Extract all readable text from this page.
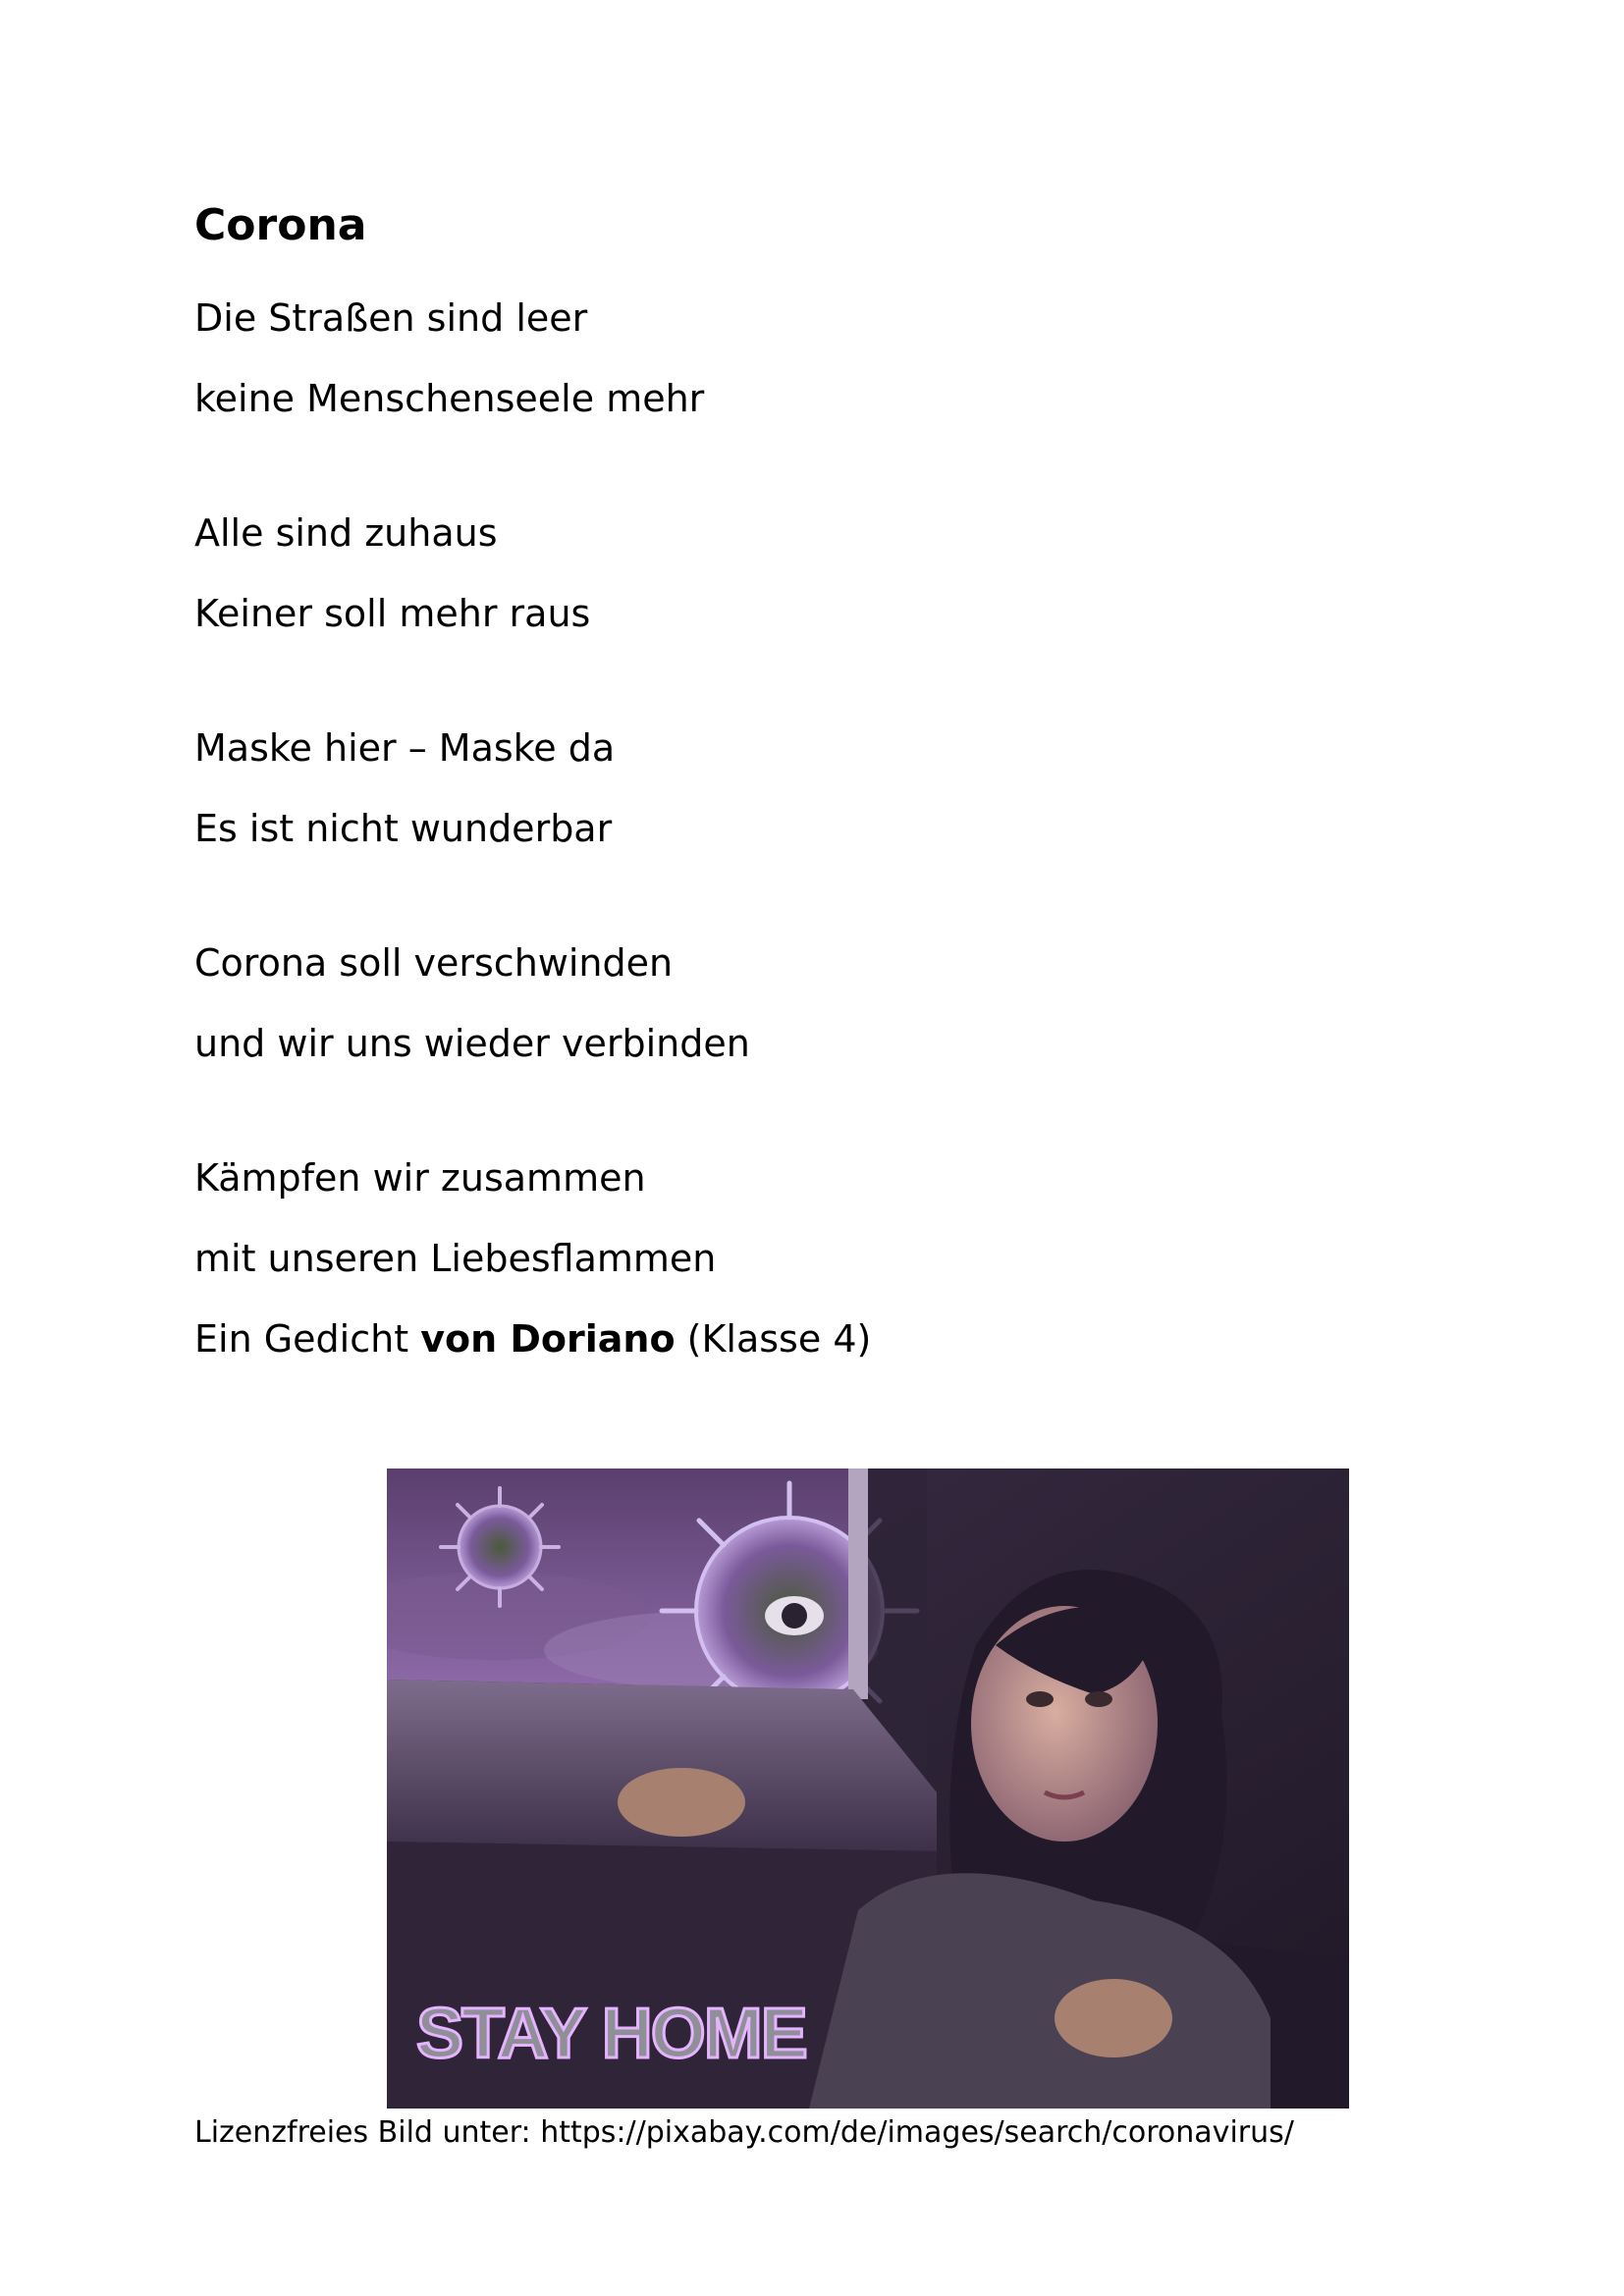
Corona
Die Straßen sind leer
keine Menschenseele mehr
Alle sind zuhaus
Keiner soll mehr raus
Maske hier – Maske da
Es ist nicht wunderbar
Corona soll verschwinden
und wir uns wieder verbinden
Kämpfen wir zusammen
mit unseren Liebesflammen
Ein Gedicht von Doriano (Klasse 4)
STAY HOME
Lizenzfreies Bild unter: https://pixabay.com/de/images/search/coronavirus/
